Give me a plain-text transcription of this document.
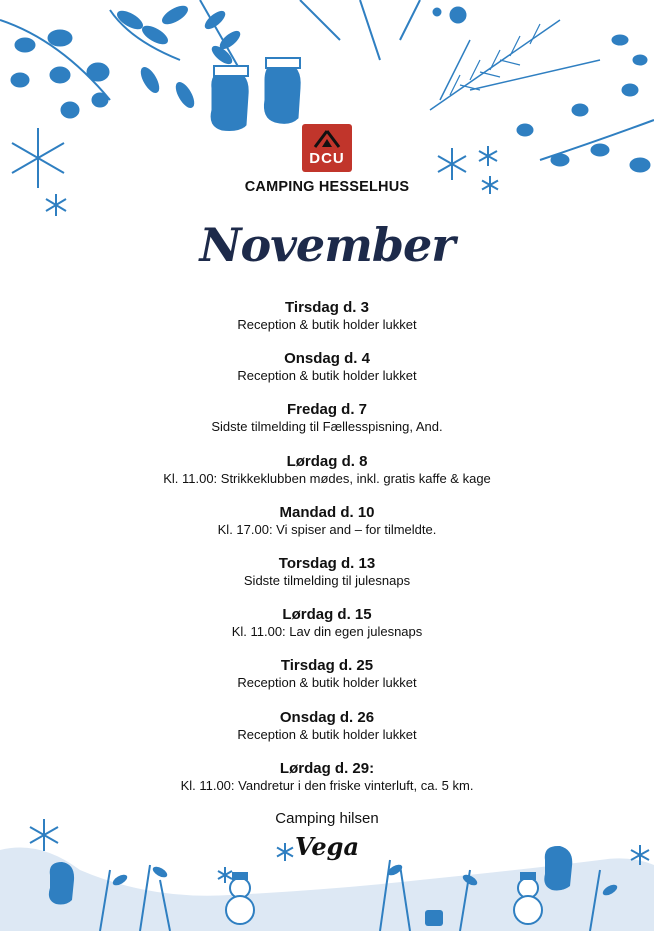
DCU
CAMPING HESSELHUS
November
Tirsdag d. 3
Reception & butik holder lukket
Onsdag d. 4
Reception & butik holder lukket
Fredag d. 7
Sidste tilmelding til Fællesspisning, And.
Lørdag d. 8
Kl. 11.00: Strikkeklubben mødes, inkl. gratis kaffe & kage
Mandad d. 10
Kl. 17.00: Vi spiser and – for tilmeldte.
Torsdag d. 13
Sidste tilmelding til julesnaps
Lørdag d. 15
Kl. 11.00: Lav din egen julesnaps
Tirsdag d. 25
Reception & butik holder lukket
Onsdag d. 26
Reception & butik holder lukket
Lørdag d. 29:
Kl. 11.00: Vandretur i den friske vinterluft, ca. 5 km.
Camping hilsen
Vega
